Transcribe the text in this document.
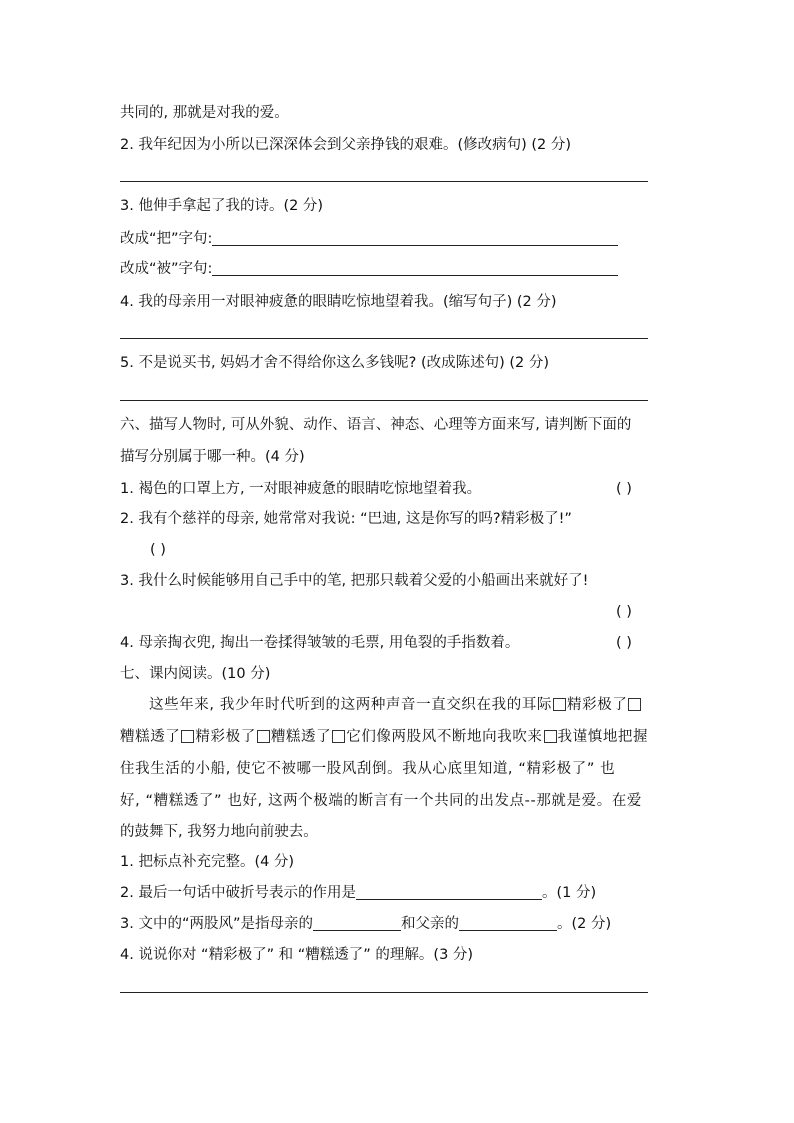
共同的, 那就是对我的爱。
2. 我年纪因为小所以已深深体会到父亲挣钱的艰难。(修改病句) (2 分)
3. 他伸手拿起了我的诗。(2 分)
改成“把”字句:
改成“被”字句:
4. 我的母亲用一对眼神疲惫的眼睛吃惊地望着我。(缩写句子) (2 分)
5. 不是说买书, 妈妈才舍不得给你这么多钱呢? (改成陈述句) (2 分)
六、描写人物时, 可从外貌、动作、语言、神态、心理等方面来写, 请判断下面的
描写分别属于哪一种。(4 分)
1. 褐色的口罩上方, 一对眼神疲惫的眼睛吃惊地望着我。	( )
2. 我有个慈祥的母亲, 她常常对我说: “巴迪, 这是你写的吗?精彩极了!”
( )
3. 我什么时候能够用自己手中的笔, 把那只载着父爱的小船画出来就好了!
( )
4. 母亲掏衣兜, 掏出一卷揉得皱皱的毛票, 用龟裂的手指数着。	( )
七、课内阅读。(10 分)
这些年来, 我少年时代听到的这两种声音一直交织在我的耳际 精彩极了
糟糕透了 精彩极了 糟糕透了 它们像两股风不断地向我吹来 我谨慎地把握
住我生活的小船, 使它不被哪一股风刮倒。我从心底里知道, “精彩极了” 也
好, “糟糕透了” 也好, 这两个极端的断言有一个共同的出发点--那就是爱。在爱
的鼓舞下, 我努力地向前驶去。
1. 把标点补充完整。(4 分)
2. 最后一句话中破折号表示的作用是	。(1 分)
3. 文中的“两股风”是指母亲的	和父亲的	。(2 分)
4. 说说你对 “精彩极了” 和 “糟糕透了” 的理解。(3 分)
